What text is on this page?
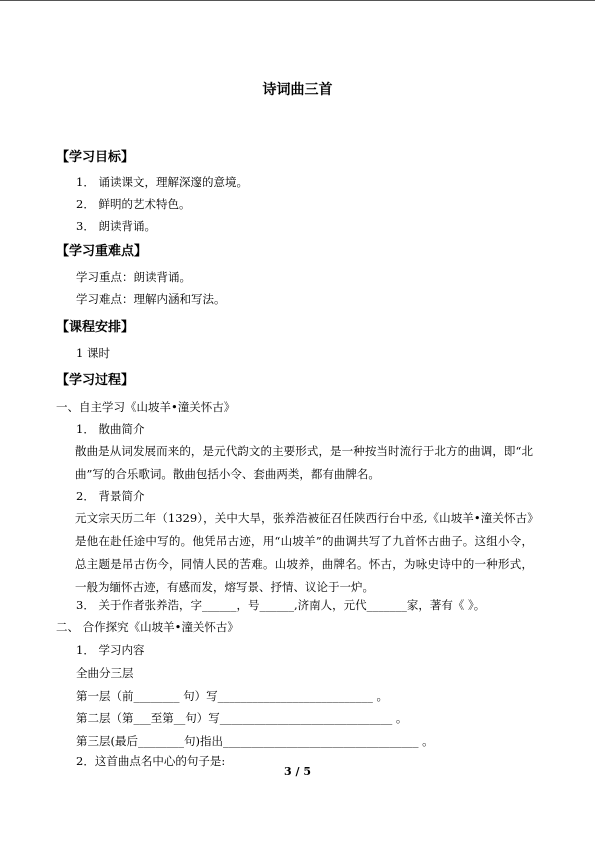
诗词曲三首
【学习目标】
1． 诵读课文，理解深邃的意境。
2． 鲜明的艺术特色。
3． 朗读背诵。
【学习重难点】
学习重点：朗读背诵。
学习难点：理解内涵和写法。
【课程安排】
1 课时
【学习过程】
一、自主学习《山坡羊•潼关怀古》
1． 散曲简介
散曲是从词发展而来的，是元代韵文的主要形式，是一种按当时流行于北方的曲调，即“北曲”写的合乐歌词。散曲包括小令、套曲两类，都有曲牌名。
2． 背景简介
元文宗天历二年（1329），关中大旱，张养浩被征召任陕西行台中丞,《山坡羊•潼关怀古》是他在赴任途中写的。他凭吊古迹，用“山坡羊”的曲调共写了九首怀古曲子。这组小令，总主题是吊古伤今，同情人民的苦难。山坡养，曲牌名。怀古，为咏史诗中的一种形式，一般为缅怀古迹，有感而发，熔写景、抒情、议论于一炉。
3． 关于作者张养浩，字______，号______,济南人，元代_______家，著有《 》。
二、 合作探究《山坡羊•潼关怀古》
1． 学习内容
全曲分三层
第一层（前________ 句）写___________________________ 。
第二层（第___至第__句）写______________________________ 。
第三层(最后________句)指出__________________________________ 。
2．这首曲点名中心的句子是:
3 / 5
